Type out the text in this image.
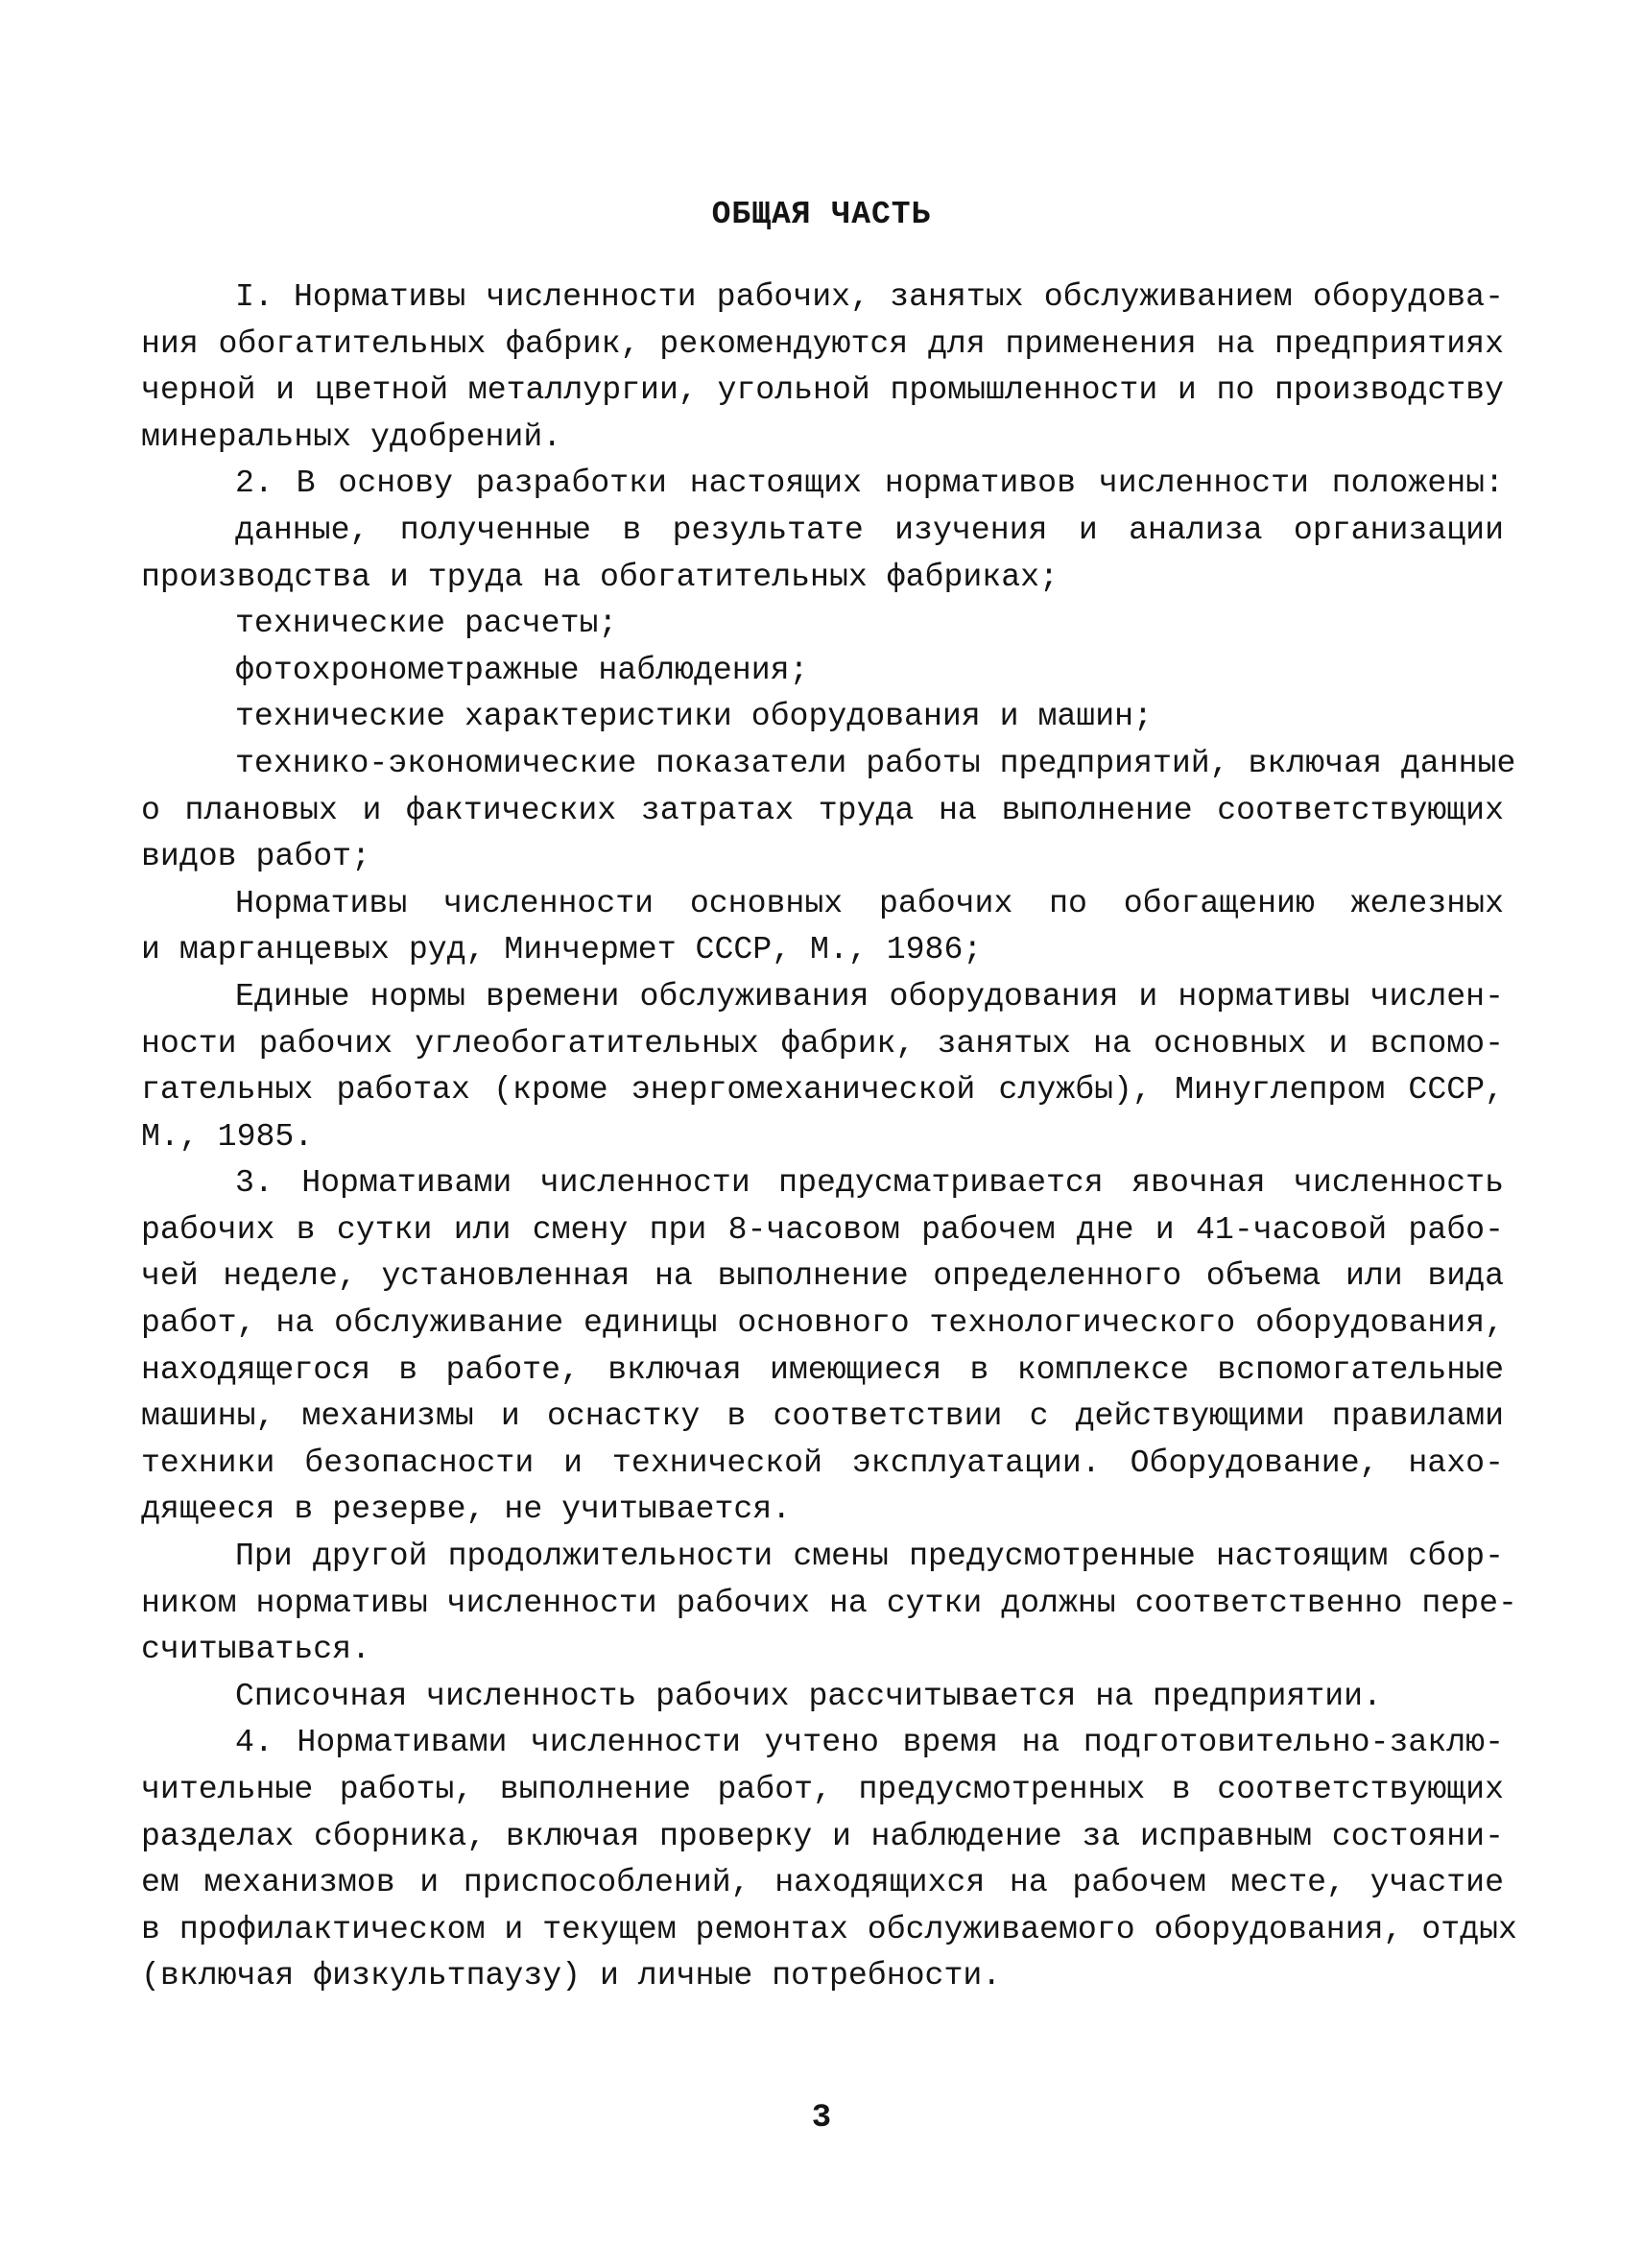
ОБЩАЯ ЧАСТЬ
I. Нормативы численности рабочих, занятых обслуживанием оборудова-
ния обогатительных фабрик, рекомендуются для применения на предприятиях
черной и цветной металлургии, угольной промышленности и по производству
минеральных удобрений.
2. В основу разработки настоящих нормативов численности положены:
данные, полученные в результате изучения и анализа организации
производства и труда на обогатительных фабриках;
технические расчеты;
фотохронометражные наблюдения;
технические характеристики оборудования и машин;
технико-экономические показатели работы предприятий, включая данные
о плановых и фактических затратах труда на выполнение соответствующих
видов работ;
Нормативы численности основных рабочих по обогащению железных
и марганцевых руд, Минчермет СССР, М., 1986;
Единые нормы времени обслуживания оборудования и нормативы числен-
ности рабочих углеобогатительных фабрик, занятых на основных и вспомо-
гательных работах (кроме энергомеханической службы), Минуглепром СССР,
М., 1985.
3. Нормативами численности предусматривается явочная численность
рабочих в сутки или смену при 8-часовом рабочем дне и 41-часовой рабо-
чей неделе, установленная на выполнение определенного объема или вида
работ, на обслуживание единицы основного технологического оборудования,
находящегося в работе, включая имеющиеся в комплексе вспомогательные
машины, механизмы и оснастку в соответствии с действующими правилами
техники безопасности и технической эксплуатации. Оборудование, нахо-
дящееся в резерве, не учитывается.
При другой продолжительности смены предусмотренные настоящим сбор-
ником нормативы численности рабочих на сутки должны соответственно пере-
считываться.
Списочная численность рабочих рассчитывается на предприятии.
4. Нормативами численности учтено время на подготовительно-заклю-
чительные работы, выполнение работ, предусмотренных в соответствующих
разделах сборника, включая проверку и наблюдение за исправным состояни-
ем механизмов и приспособлений, находящихся на рабочем месте, участие
в профилактическом и текущем ремонтах обслуживаемого оборудования, отдых
(включая физкультпаузу) и личные потребности.
3
